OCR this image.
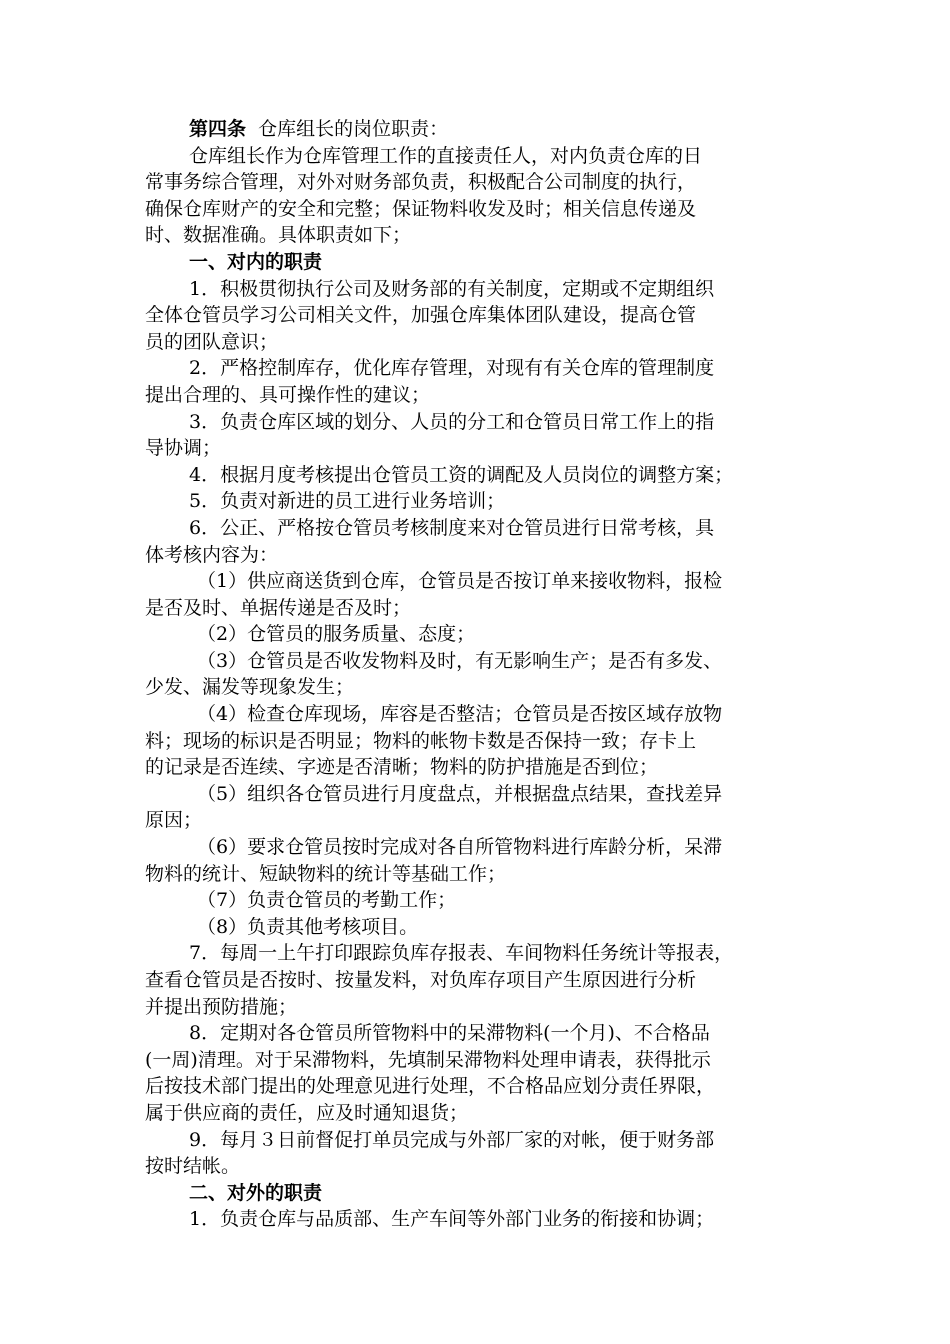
第四条 仓库组长的岗位职责：
仓库组长作为仓库管理工作的直接责任人，对内负责仓库的日
常事务综合管理，对外对财务部负责，积极配合公司制度的执行，
确保仓库财产的安全和完整；保证物料收发及时；相关信息传递及
时、数据准确。具体职责如下；
一、对内的职责
1．积极贯彻执行公司及财务部的有关制度，定期或不定期组织
全体仓管员学习公司相关文件，加强仓库集体团队建设，提高仓管
员的团队意识；
2．严格控制库存，优化库存管理，对现有有关仓库的管理制度
提出合理的、具可操作性的建议；
3．负责仓库区域的划分、人员的分工和仓管员日常工作上的指
导协调；
4．根据月度考核提出仓管员工资的调配及人员岗位的调整方案；
5．负责对新进的员工进行业务培训；
6．公正、严格按仓管员考核制度来对仓管员进行日常考核，具
体考核内容为：
（1）供应商送货到仓库，仓管员是否按订单来接收物料，报检
是否及时、单据传递是否及时；
（2）仓管员的服务质量、态度；
（3）仓管员是否收发物料及时，有无影响生产；是否有多发、
少发、漏发等现象发生；
（4）检查仓库现场，库容是否整洁；仓管员是否按区域存放物
料；现场的标识是否明显；物料的帐物卡数是否保持一致；存卡上
的记录是否连续、字迹是否清晰；物料的防护措施是否到位；
（5）组织各仓管员进行月度盘点，并根据盘点结果，查找差异
原因；
（6）要求仓管员按时完成对各自所管物料进行库龄分析，呆滞
物料的统计、短缺物料的统计等基础工作；
（7）负责仓管员的考勤工作；
（8）负责其他考核项目。
7．每周一上午打印跟踪负库存报表、车间物料任务统计等报表，
查看仓管员是否按时、按量发料，对负库存项目产生原因进行分析
并提出预防措施；
8．定期对各仓管员所管物料中的呆滞物料(一个月)、不合格品
(一周)清理。对于呆滞物料，先填制呆滞物料处理申请表，获得批示
后按技术部门提出的处理意见进行处理，不合格品应划分责任界限，
属于供应商的责任，应及时通知退货；
9．每月３日前督促打单员完成与外部厂家的对帐，便于财务部
按时结帐。
二、对外的职责
1．负责仓库与品质部、生产车间等外部门业务的衔接和协调；
